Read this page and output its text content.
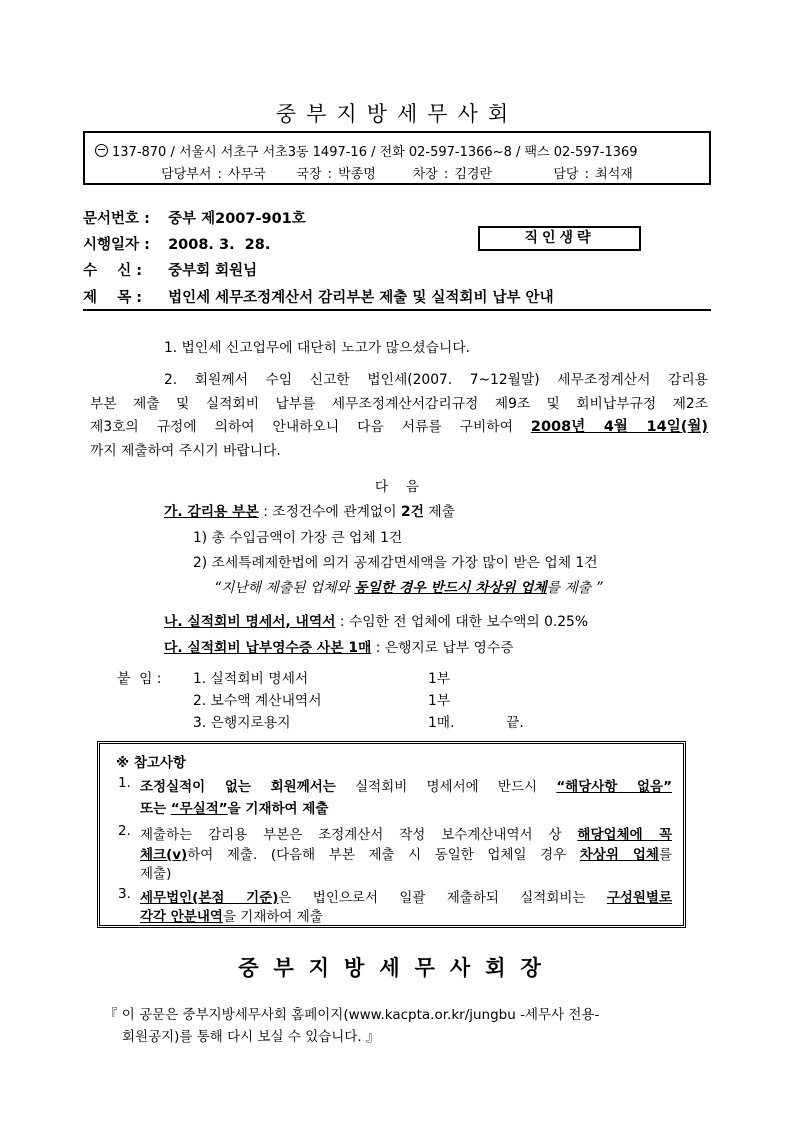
중부지방세무사회
137-870 / 서울시 서초구 서초3동 1497-16 / 전화 02-597-1366~8 / 팩스 02-597-1369
담당부서 : 사무국     국장 : 박종명      차장 : 김경란          담당 : 최석재
문서번호 : 중부 제2007-901호
시행일자 : 2008. 3.  28.	직인생략
수    신 : 중부회 회원님
제    목 : 법인세 세무조정계산서 감리부본 제출 및 실적회비 납부 안내
1. 법인세 신고업무에 대단히 노고가 많으셨습니다.
2. 회원께서 수임 신고한 법인세(2007. 7~12월말) 세무조정계산서 감리용
부본 제출 및 실적회비 납부를 세무조정계산서감리규정 제9조 및 회비납부규정 제2조
제3호의 규정에 의하여 안내하오니 다음 서류를 구비하여 2008년 4월 14일(월)
까지 제출하여 주시기 바랍니다.
다    음
가. 감리용 부본 : 조정건수에 관계없이 2건 제출
1) 총 수입금액이 가장 큰 업체 1건
2) 조세특례제한법에 의거 공제감면세액을 가장 많이 받은 업체 1건
“지난해 제출된 업체와 동일한 경우 반드시 차상위 업체를 제출 ”
나. 실적회비 명세서, 내역서 : 수임한 전 업체에 대한 보수액의 0.25%
다. 실적회비 납부영수증 사본 1매 : 은행지로 납부 영수증
붙  임 : 1. 실적회비 명세서	1부
2. 보수액 계산내역서	1부
3. 은행지로용지	1매.	끝.
※ 참고사항
1. 조정실적이 없는 회원께서는 실적회비 명세서에 반드시 “해당사항 없음”
또는 “무실적”을 기재하여 제출
2. 제출하는 감리용 부본은 조정계산서 작성 보수계산내역서 상 해당업체에 꼭
체크(v)하여 제출. (다음해 부본 제출 시 동일한 업체일 경우 차상위 업체를
제출)
3. 세무법인(본점 기준)은 법인으로서 일괄 제출하되 실적회비는 구성원별로
각각 안분내역을 기재하여 제출
중부지방세무사회장
『 이 공문은 중부지방세무사회 홈페이지(www.kacpta.or.kr/jungbu -세무사 전용-
회원공지)를 통해 다시 보실 수 있습니다. 』
